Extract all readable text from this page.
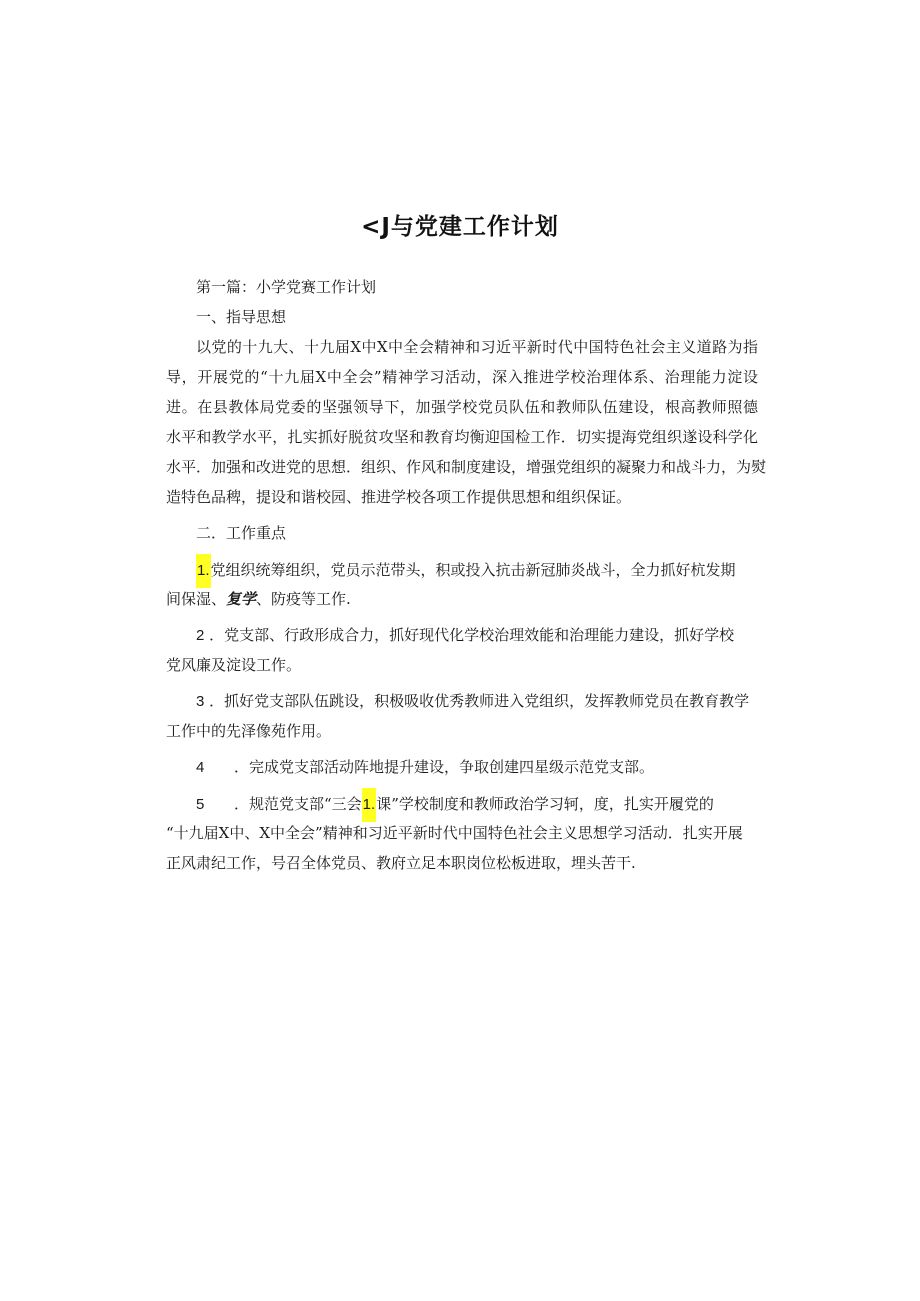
<J与党建工作计划
第一篇：小学党赛工作计划
一、指导思想
以党的十九大、十九届X中X中全会精神和习近平新时代中国特色社会主义道路为指
导，开展党的“十九届X中全会”精神学习活动，深入推进学校治理体系、治理能力淀设
进。在县教体局党委的坚强领导下，加强学校党员队伍和教师队伍建设，根高教师照德
水平和教学水平，扎实抓好脱贫攻坚和教育均衡迎国检工作．切实提海党组织遂设科学化
水平．加强和改进党的思想．组织、作风和制度建设，增强党组织的凝聚力和战斗力，为熨
造特色品稗，提设和谐校园、推进学校各项工作提供思想和组织保证。
二．工作重点
1.党组织统筹组织，党员示范带头，积或投入抗击新冠肺炎战斗，全力抓好杭发期
间保湿、复学、防疫等工作.
2 ．党支部、行政形成合力，抓好现代化学校治理效能和治理能力建设，抓好学校
党风廉及淀设工作。
3 ．抓好党支部队伍跳设，积极吸收优秀教师进入党组织，发挥教师党员在教育教学
工作中的先泽像苑作用。
4 ．完成党支部活动阵地提升建设，争取创建四星级示范党支部。
5 ．规范党支部“三会1.课”学校制度和教师政治学习轲，度，扎实开履党的
“十九届X中、X中全会”精神和习近平新时代中国特色社会主义思想学习活动．扎实开展
正风肃纪工作，号召全体党员、教府立足本职岗位松板进取，埋头苦干.
